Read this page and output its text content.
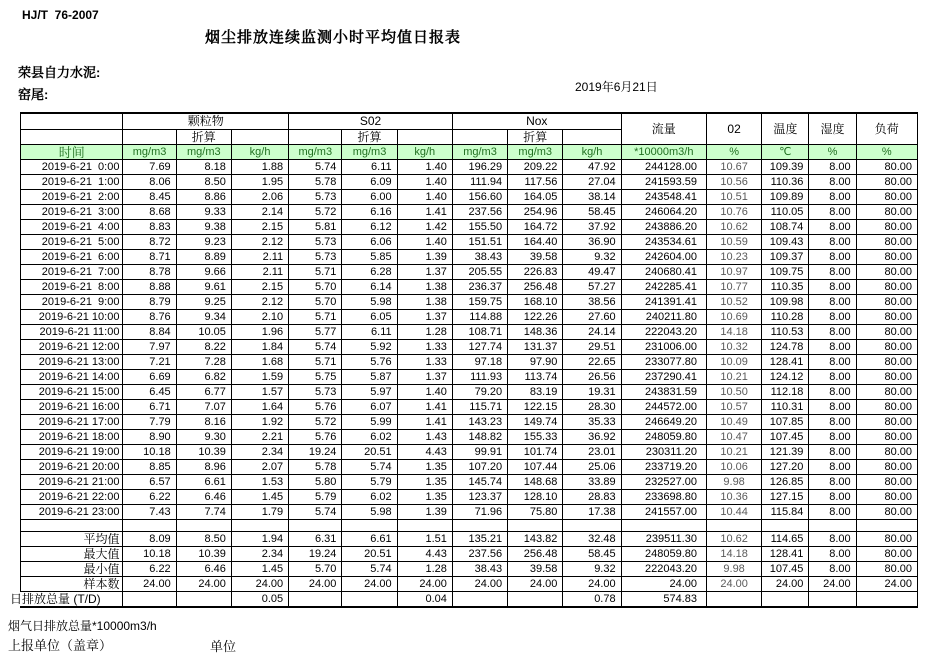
HJ/T  76-2007
烟尘排放连续监测小时平均值日报表
荣县自力水泥:
窑尾:	2019年6月21日
	颗粒物			S02			Nox			流量	02	温度	湿度	负荷
		折算			折算			折算						
时间	mg/m3	mg/m3	kg/h	mg/m3	mg/m3	kg/h	mg/m3	mg/m3	kg/h	*10000m3/h	%	℃	%	%
2019-6-21  0:00	7.69	8.18	1.88	5.74	6.11	1.40	196.29	209.22	47.92	244128.00	10.67	109.39	8.00	80.00
2019-6-21  1:00	8.06	8.50	1.95	5.78	6.09	1.40	111.94	117.56	27.04	241593.59	10.56	110.36	8.00	80.00
2019-6-21  2:00	8.45	8.86	2.06	5.73	6.00	1.40	156.60	164.05	38.14	243548.41	10.51	109.89	8.00	80.00
2019-6-21  3:00	8.68	9.33	2.14	5.72	6.16	1.41	237.56	254.96	58.45	246064.20	10.76	110.05	8.00	80.00
2019-6-21  4:00	8.83	9.38	2.15	5.81	6.12	1.42	155.50	164.72	37.92	243886.20	10.62	108.74	8.00	80.00
2019-6-21  5:00	8.72	9.23	2.12	5.73	6.06	1.40	151.51	164.40	36.90	243534.61	10.59	109.43	8.00	80.00
2019-6-21  6:00	8.71	8.89	2.11	5.73	5.85	1.39	38.43	39.58	9.32	242604.00	10.23	109.37	8.00	80.00
2019-6-21  7:00	8.78	9.66	2.11	5.71	6.28	1.37	205.55	226.83	49.47	240680.41	10.97	109.75	8.00	80.00
2019-6-21  8:00	8.88	9.61	2.15	5.70	6.14	1.38	236.37	256.48	57.27	242285.41	10.77	110.35	8.00	80.00
2019-6-21  9:00	8.79	9.25	2.12	5.70	5.98	1.38	159.75	168.10	38.56	241391.41	10.52	109.98	8.00	80.00
2019-6-21 10:00	8.76	9.34	2.10	5.71	6.05	1.37	114.88	122.26	27.60	240211.80	10.69	110.28	8.00	80.00
2019-6-21 11:00	8.84	10.05	1.96	5.77	6.11	1.28	108.71	148.36	24.14	222043.20	14.18	110.53	8.00	80.00
2019-6-21 12:00	7.97	8.22	1.84	5.74	5.92	1.33	127.74	131.37	29.51	231006.00	10.32	124.78	8.00	80.00
2019-6-21 13:00	7.21	7.28	1.68	5.71	5.76	1.33	97.18	97.90	22.65	233077.80	10.09	128.41	8.00	80.00
2019-6-21 14:00	6.69	6.82	1.59	5.75	5.87	1.37	111.93	113.74	26.56	237290.41	10.21	124.12	8.00	80.00
2019-6-21 15:00	6.45	6.77	1.57	5.73	5.97	1.40	79.20	83.19	19.31	243831.59	10.50	112.18	8.00	80.00
2019-6-21 16:00	6.71	7.07	1.64	5.76	6.07	1.41	115.71	122.15	28.30	244572.00	10.57	110.31	8.00	80.00
2019-6-21 17:00	7.79	8.16	1.92	5.72	5.99	1.41	143.23	149.74	35.33	246649.20	10.49	107.85	8.00	80.00
2019-6-21 18:00	8.90	9.30	2.21	5.76	6.02	1.43	148.82	155.33	36.92	248059.80	10.47	107.45	8.00	80.00
2019-6-21 19:00	10.18	10.39	2.34	19.24	20.51	4.43	99.91	101.74	23.01	230311.20	10.21	121.39	8.00	80.00
2019-6-21 20:00	8.85	8.96	2.07	5.78	5.74	1.35	107.20	107.44	25.06	233719.20	10.06	127.20	8.00	80.00
2019-6-21 21:00	6.57	6.61	1.53	5.80	5.79	1.35	145.74	148.68	33.89	232527.00	9.98	126.85	8.00	80.00
2019-6-21 22:00	6.22	6.46	1.45	5.79	6.02	1.35	123.37	128.10	28.83	233698.80	10.36	127.15	8.00	80.00
2019-6-21 23:00	7.43	7.74	1.79	5.74	5.98	1.39	71.96	75.80	17.38	241557.00	10.44	115.84	8.00	80.00

平均值	8.09	8.50	1.94	6.31	6.61	1.51	135.21	143.82	32.48	239511.30	10.62	114.65	8.00	80.00
最大值	10.18	10.39	2.34	19.24	20.51	4.43	237.56	256.48	58.45	248059.80	14.18	128.41	8.00	80.00
最小值	6.22	6.46	1.45	5.70	5.74	1.28	38.43	39.58	9.32	222043.20	9.98	107.45	8.00	80.00
样本数	24.00	24.00	24.00	24.00	24.00	24.00	24.00	24.00	24.00	24.00	24.00	24.00	24.00	24.00
日排放总量 (T/D)			0.05			0.04			0.78	574.83				
烟气日排放总量*10000m3/h
上报单位（盖章）	单位
